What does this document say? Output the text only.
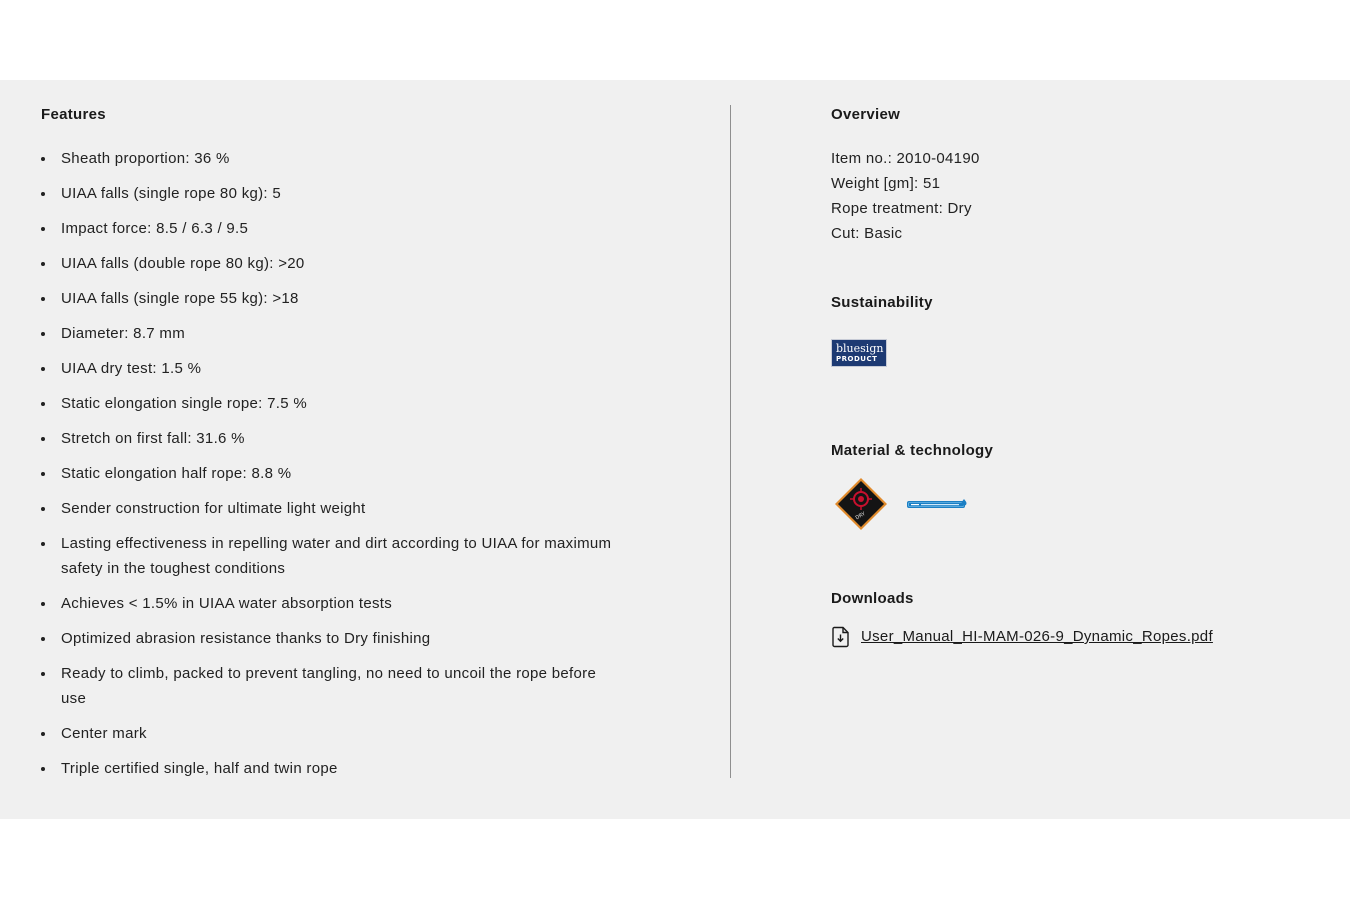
Features
Sheath proportion: 36 %
UIAA falls (single rope 80 kg): 5
Impact force: 8.5 / 6.3 / 9.5
UIAA falls (double rope 80 kg): >20
UIAA falls (single rope 55 kg): >18
Diameter: 8.7 mm
UIAA dry test: 1.5 %
Static elongation single rope: 7.5 %
Stretch on first fall: 31.6 %
Static elongation half rope: 8.8 %
Sender construction for ultimate light weight
Lasting effectiveness in repelling water and dirt according to UIAA for maximum safety in the toughest conditions
Achieves < 1.5% in UIAA water absorption tests
Optimized abrasion resistance thanks to Dry finishing
Ready to climb, packed to prevent tangling, no need to uncoil the rope before use
Center mark
Triple certified single, half and twin rope
Overview
Item no.: 2010-04190
Weight [gm]: 51
Rope treatment: Dry
Cut: Basic
Sustainability
bluesign
PRODUCT
Material & technology
DRY
Downloads
User_Manual_HI-MAM-026-9_Dynamic_Ropes.pdf
